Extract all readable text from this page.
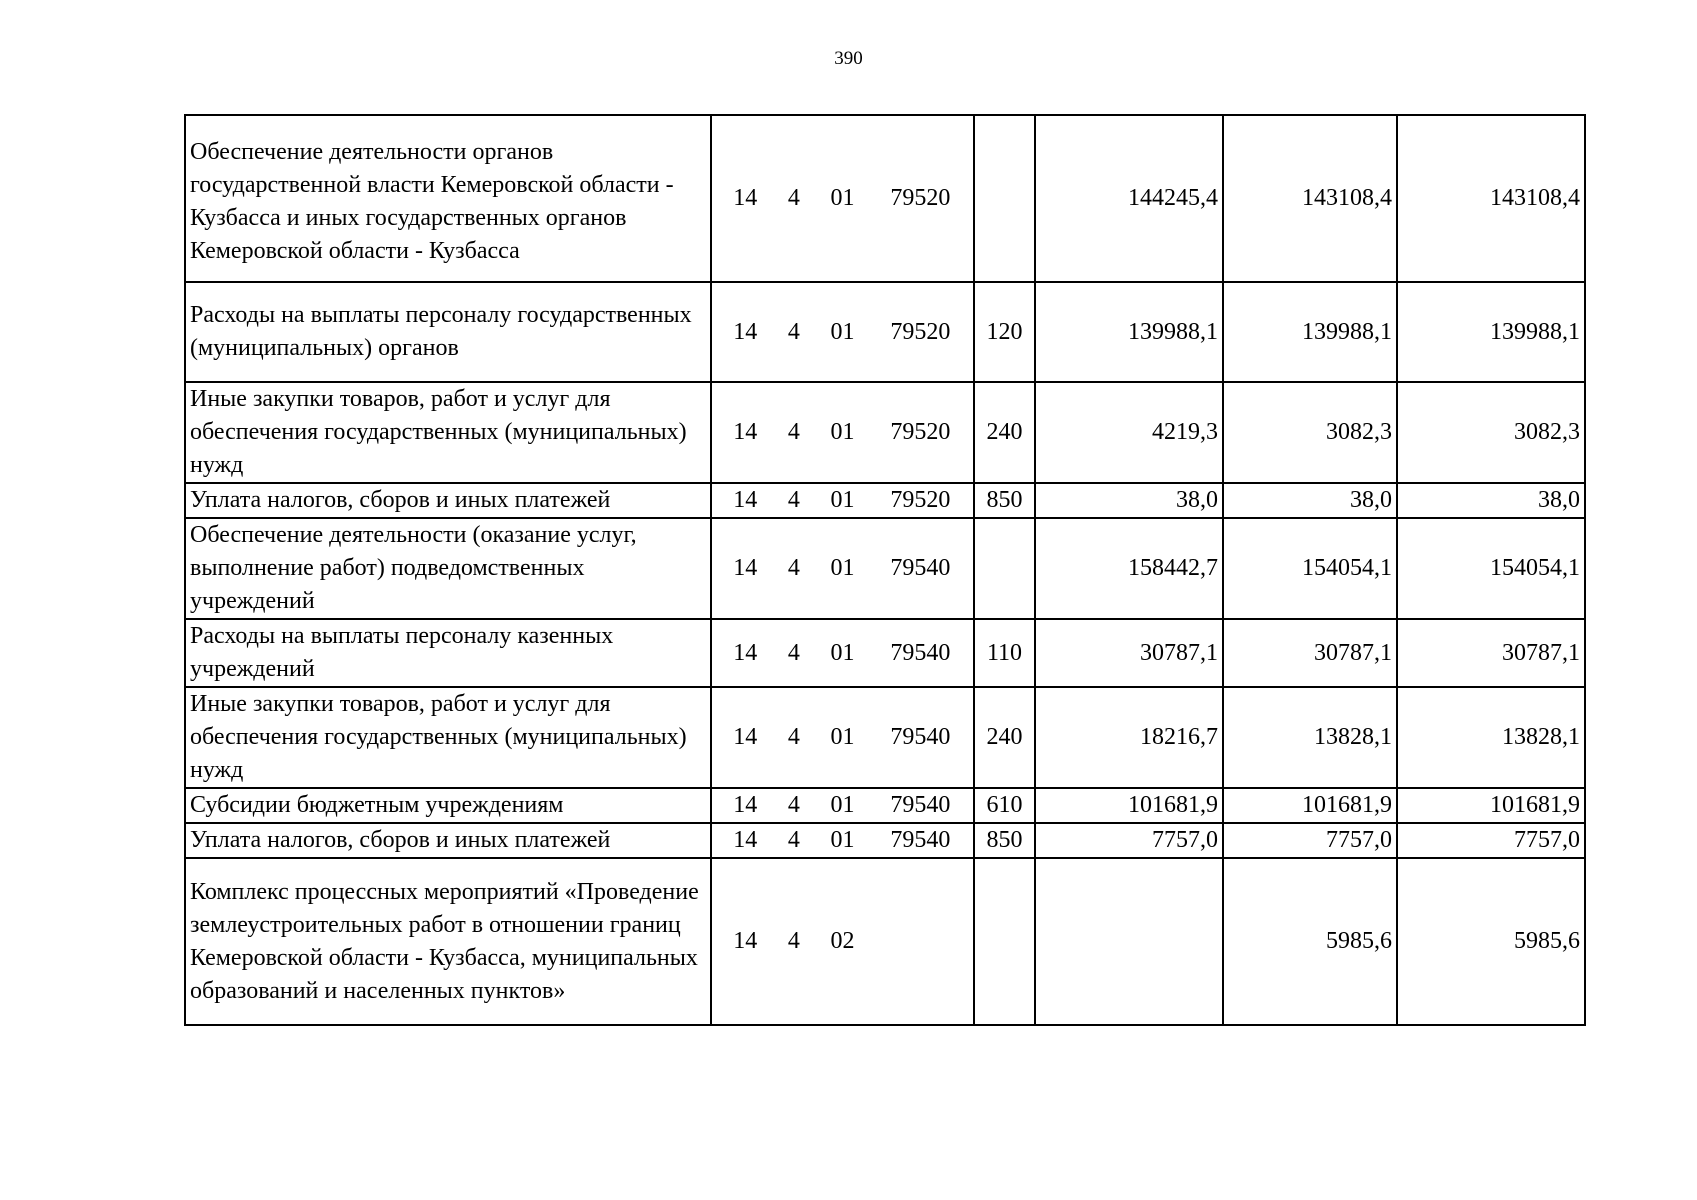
390
Обеспечение деятельности органов государственной власти Кемеровской области - Кузбасса и иных государственных органов Кемеровской области - Кузбасса	14 4 01 79520		144245,4	143108,4	143108,4
Расходы на выплаты персоналу государственных (муниципальных) органов	14 4 01 79520	120	139988,1	139988,1	139988,1
Иные закупки товаров, работ и услуг для обеспечения государственных (муниципальных) нужд	14 4 01 79520	240	4219,3	3082,3	3082,3
Уплата налогов, сборов и иных платежей	14 4 01 79520	850	38,0	38,0	38,0
Обеспечение деятельности (оказание услуг, выполнение работ) подведомственных учреждений	14 4 01 79540		158442,7	154054,1	154054,1
Расходы на выплаты персоналу казенных учреждений	14 4 01 79540	110	30787,1	30787,1	30787,1
Иные закупки товаров, работ и услуг для обеспечения государственных (муниципальных) нужд	14 4 01 79540	240	18216,7	13828,1	13828,1
Субсидии бюджетным учреждениям	14 4 01 79540	610	101681,9	101681,9	101681,9
Уплата налогов, сборов и иных платежей	14 4 01 79540	850	7757,0	7757,0	7757,0
Комплекс процессных мероприятий «Проведение землеустроительных работ в отношении границ Кемеровской области - Кузбасса, муниципальных образований и населенных пунктов»	14 4 02			5985,6	5985,6
